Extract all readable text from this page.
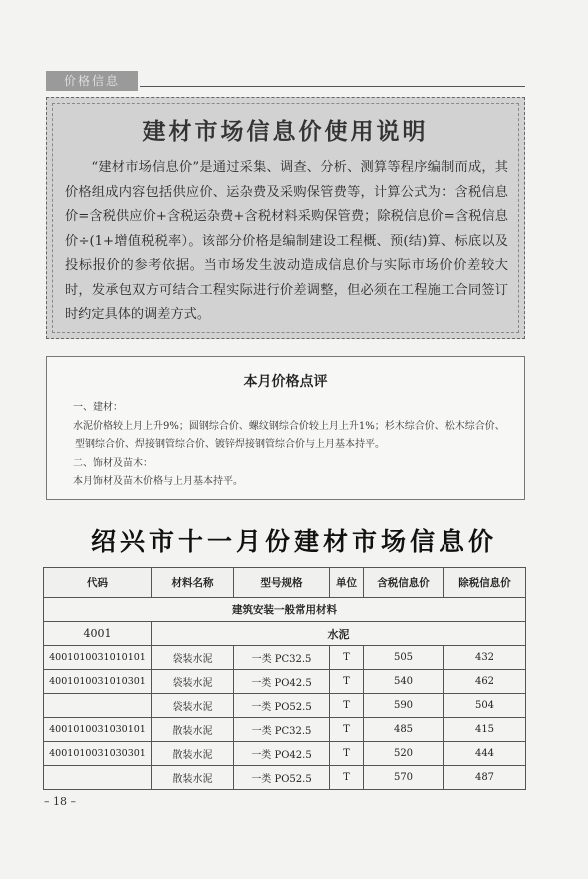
价格信息
建材市场信息价使用说明
“建材市场信息价”是通过采集、调查、分析、测算等程序编制而成，其价格组成内容包括供应价、运杂费及采购保管费等，计算公式为：含税信息价=含税供应价+含税运杂费+含税材料采购保管费；除税信息价=含税信息价÷(1+增值税税率）。该部分价格是编制建设工程概、预(结)算、标底以及投标报价的参考依据。当市场发生波动造成信息价与实际市场价价差较大时，发承包双方可结合工程实际进行价差调整，但必须在工程施工合同签订时约定具体的调差方式。
本月价格点评
一、建材：
水泥价格较上月上升9%；圆钢综合价、螺纹钢综合价较上月上升1%；杉木综合价、松木综合价、
型钢综合价、焊接钢管综合价、镀锌焊接钢管综合价与上月基本持平。
二、饰材及苗木：
本月饰材及苗木价格与上月基本持平。
绍兴市十一月份建材市场信息价
代码	材料名称	型号规格	单位	含税信息价	除税信息价
建筑安装一般常用材料					
4001	水泥				
4001010031010101	袋装水泥	一类 PC32.5	T	505	432
4001010031010301	袋装水泥	一类 PO42.5	T	540	462
	袋装水泥	一类 PO52.5	T	590	504
4001010031030101	散装水泥	一类 PC32.5	T	485	415
4001010031030301	散装水泥	一类 PO42.5	T	520	444
	散装水泥	一类 PO52.5	T	570	487
– 18 –
